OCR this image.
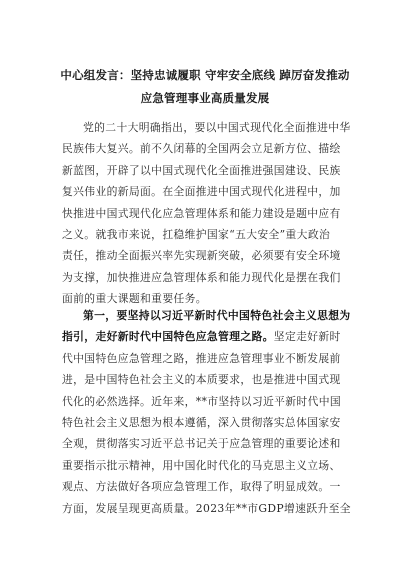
中心组发言：坚持忠诚履职 守牢安全底线 踔厉奋发推动
应急管理事业高质量发展
党的二十大明确指出，要以中国式现代化全面推进中华
民族伟大复兴。前不久闭幕的全国两会立足新方位、描绘
新蓝图，开辟了以中国式现代化全面推进强国建设、民族
复兴伟业的新局面。在全面推进中国式现代化进程中，加
快推进中国式现代化应急管理体系和能力建设是题中应有
之义。就我市来说，扛稳维护国家“五大安全”重大政治
责任，推动全面振兴率先实现新突破，必须要有安全环境
为支撑，加快推进应急管理体系和能力现代化是摆在我们
面前的重大课题和重要任务。
第一，要坚持以习近平新时代中国特色社会主义思想为
指引，走好新时代中国特色应急管理之路。坚定走好新时
代中国特色应急管理之路，推进应急管理事业不断发展前
进，是中国特色社会主义的本质要求，也是推进中国式现
代化的必然选择。近年来，**市坚持以习近平新时代中国
特色社会主义思想为根本遵循，深入贯彻落实总体国家安
全观，贯彻落实习近平总书记关于应急管理的重要论述和
重要指示批示精神，用中国化时代化的马克思主义立场、
观点、方法做好各项应急管理工作，取得了明显成效。一
方面，发展呈现更高质量。2023年**市GDP增速跃升至全
